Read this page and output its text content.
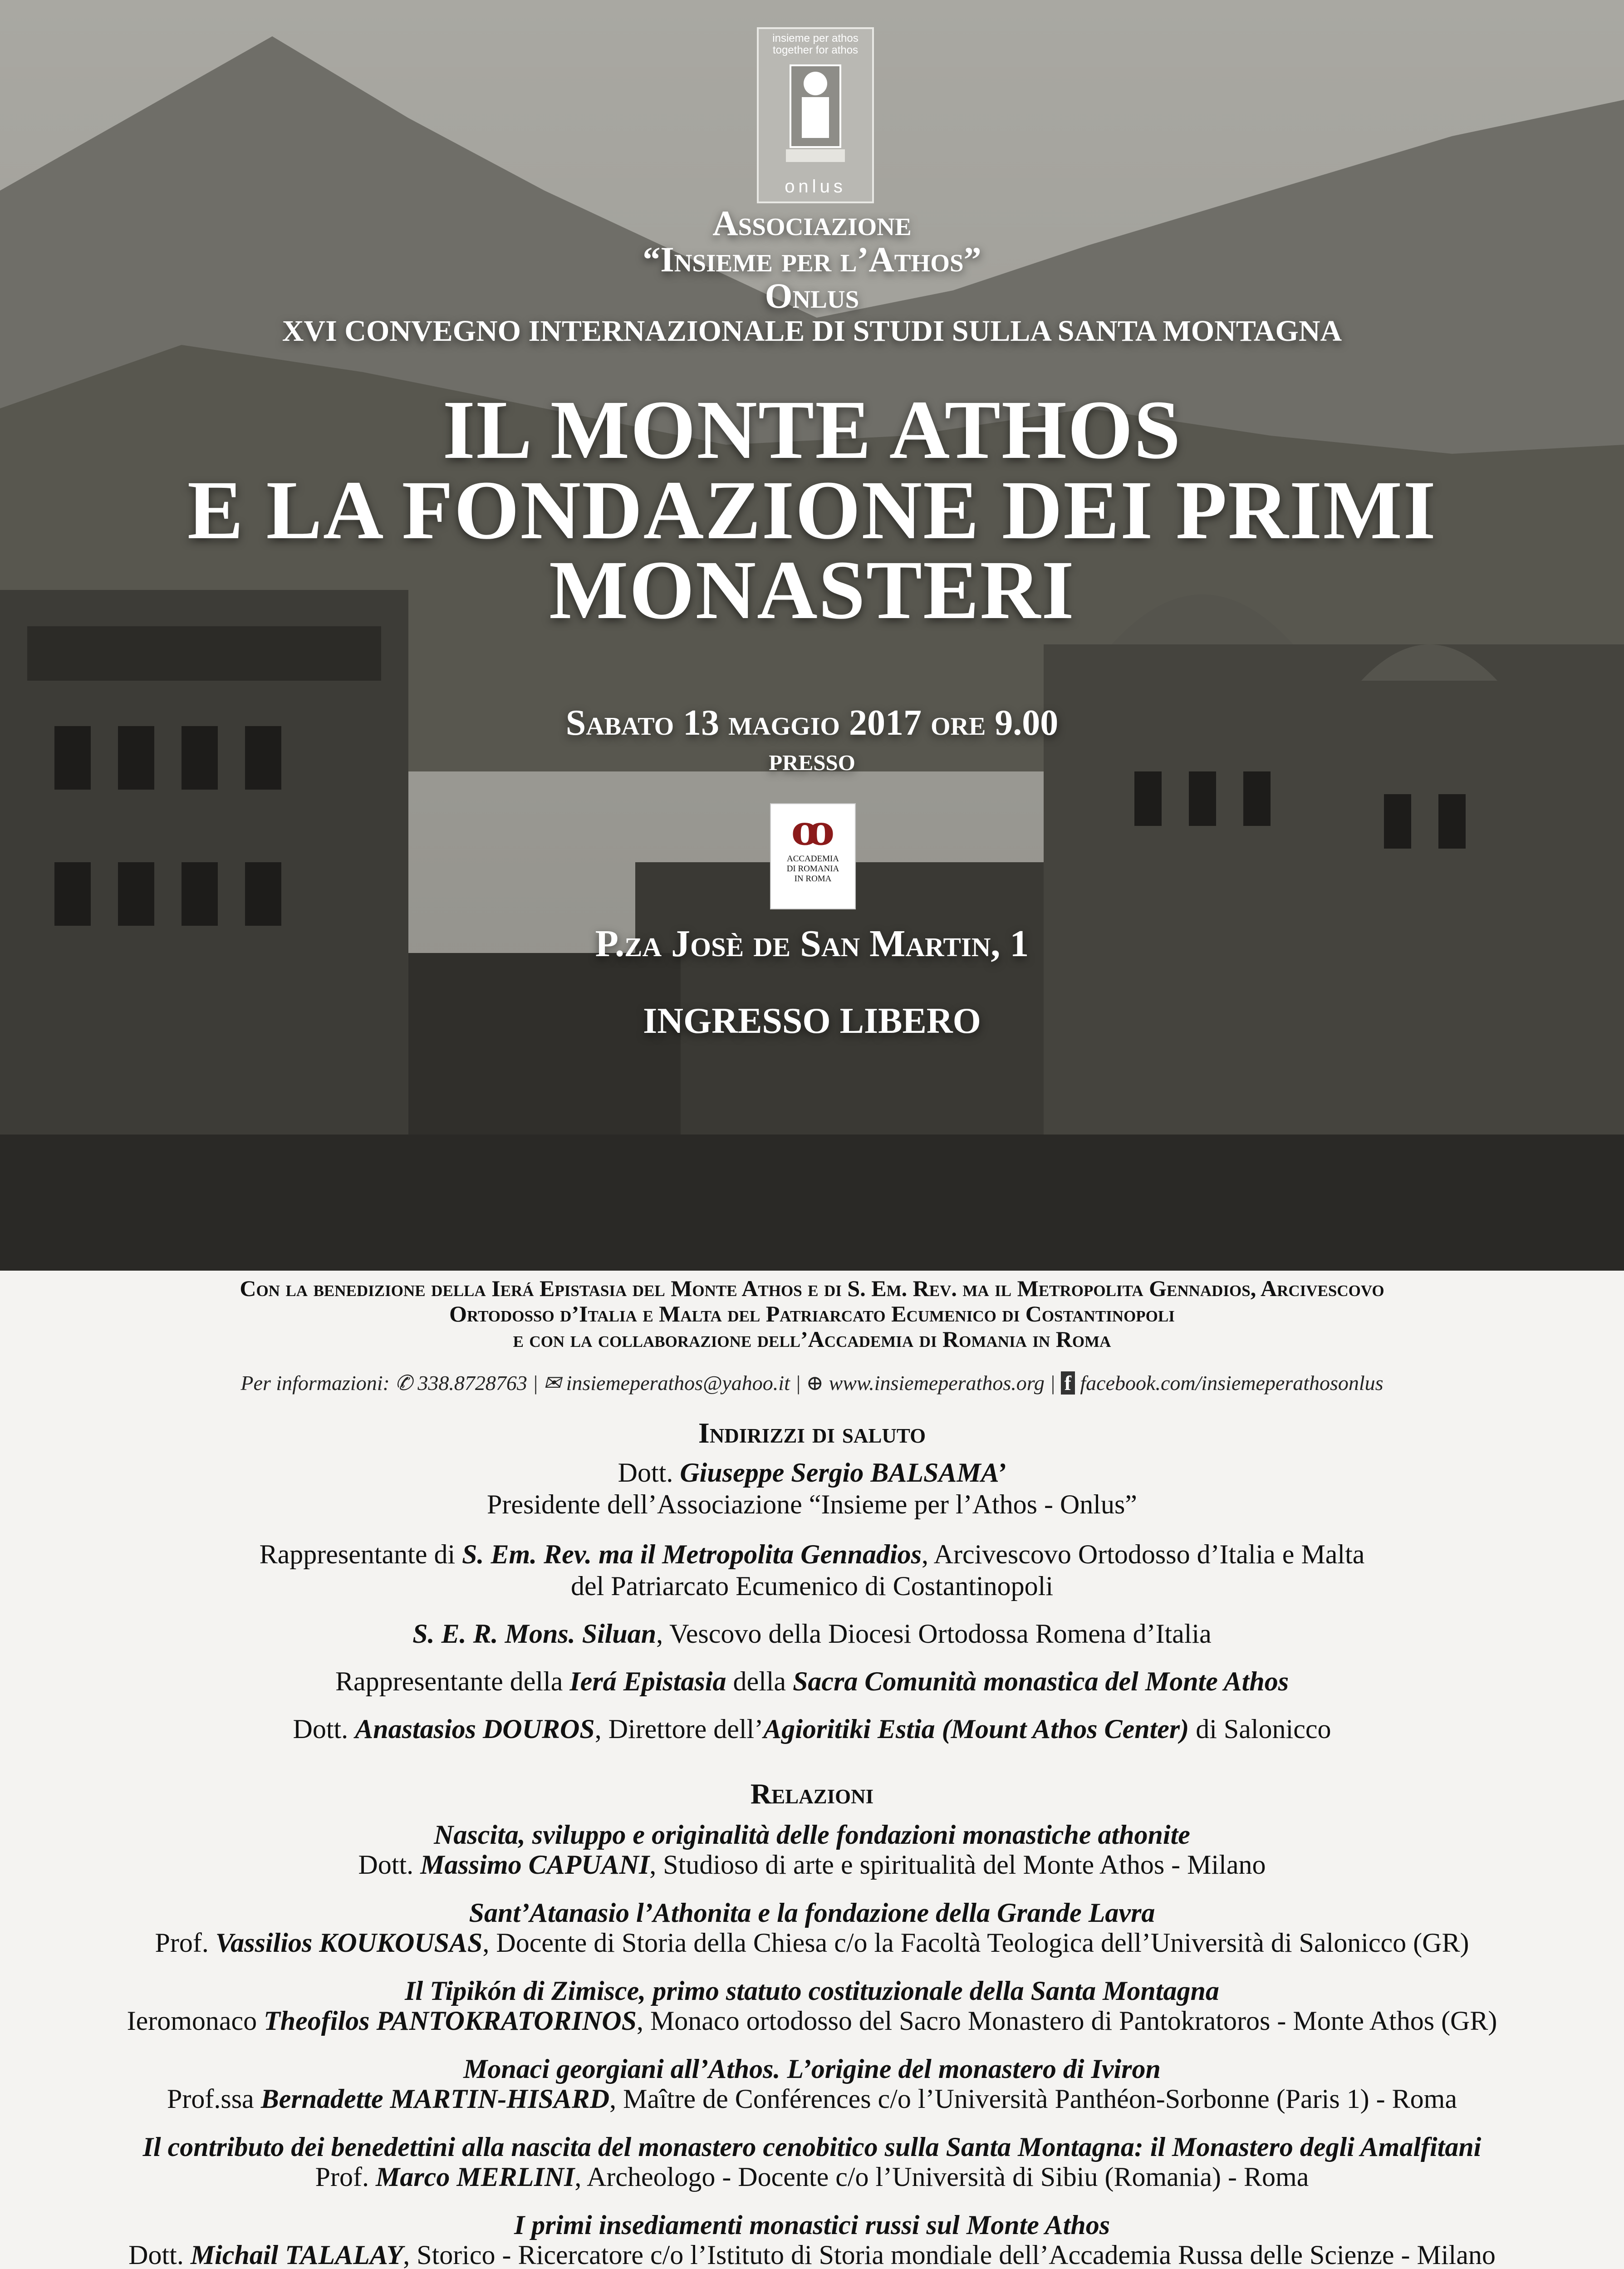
insieme per athos
together for athos
onlus
Associazione
“Insieme per l’Athos”
Onlus
XVI CONVEGNO INTERNAZIONALE DI STUDI SULLA SANTA MONTAGNA
IL MONTE ATHOS
E LA FONDAZIONE DEI PRIMI
MONASTERI
Sabato 13 maggio 2017 ore 9.00
presso
ꝏ
ACCADEMIA
DI ROMANIA
IN ROMA
P.za Josè de San Martin, 1
INGRESSO LIBERO
Con la benedizione della Ierá Epistasia del Monte Athos e di S. Em. Rev. ma il Metropolita Gennadios, Arcivescovo
Ortodosso d’Italia e Malta del Patriarcato Ecumenico di Costantinopoli
e con la collaborazione dell’Accademia di Romania in Roma
Per informazioni: ✆ 338.8728763 | ✉ insiemeperathos@yahoo.it | ⊕ www.insiemeperathos.org | f facebook.com/insiemeperathosonlus
Indirizzi di saluto
Dott. Giuseppe Sergio BALSAMA’
Presidente dell’Associazione “Insieme per l’Athos - Onlus”
Rappresentante di S. Em. Rev. ma il Metropolita Gennadios, Arcivescovo Ortodosso d’Italia e Malta
del Patriarcato Ecumenico di Costantinopoli
S. E. R. Mons. Siluan, Vescovo della Diocesi Ortodossa Romena d’Italia
Rappresentante della Ierá Epistasia della Sacra Comunità monastica del Monte Athos
Dott. Anastasios DOUROS, Direttore dell’Agioritiki Estia (Mount Athos Center) di Salonicco
Relazioni
Nascita, sviluppo e originalità delle fondazioni monastiche athonite
Dott. Massimo CAPUANI, Studioso di arte e spiritualità del Monte Athos - Milano
Sant’Atanasio l’Athonita e la fondazione della Grande Lavra
Prof. Vassilios KOUKOUSAS, Docente di Storia della Chiesa c/o la Facoltà Teologica dell’Università di Salonicco (GR)
Il Tipikón di Zimisce, primo statuto costituzionale della Santa Montagna
Ieromonaco Theofilos PANTOKRATORINOS, Monaco ortodosso del Sacro Monastero di Pantokratoros - Monte Athos (GR)
Monaci georgiani all’Athos. L’origine del monastero di Iviron
Prof.ssa Bernadette MARTIN-HISARD, Maître de Conférences c/o l’Università Panthéon-Sorbonne (Paris 1) - Roma
Il contributo dei benedettini alla nascita del monastero cenobitico sulla Santa Montagna: il Monastero degli Amalfitani
Prof. Marco MERLINI, Archeologo - Docente c/o l’Università di Sibiu (Romania) - Roma
I primi insediamenti monastici russi sul Monte Athos
Dott. Michail TALALAY, Storico - Ricercatore c/o l’Istituto di Storia mondiale dell’Accademia Russa delle Scienze - Milano
